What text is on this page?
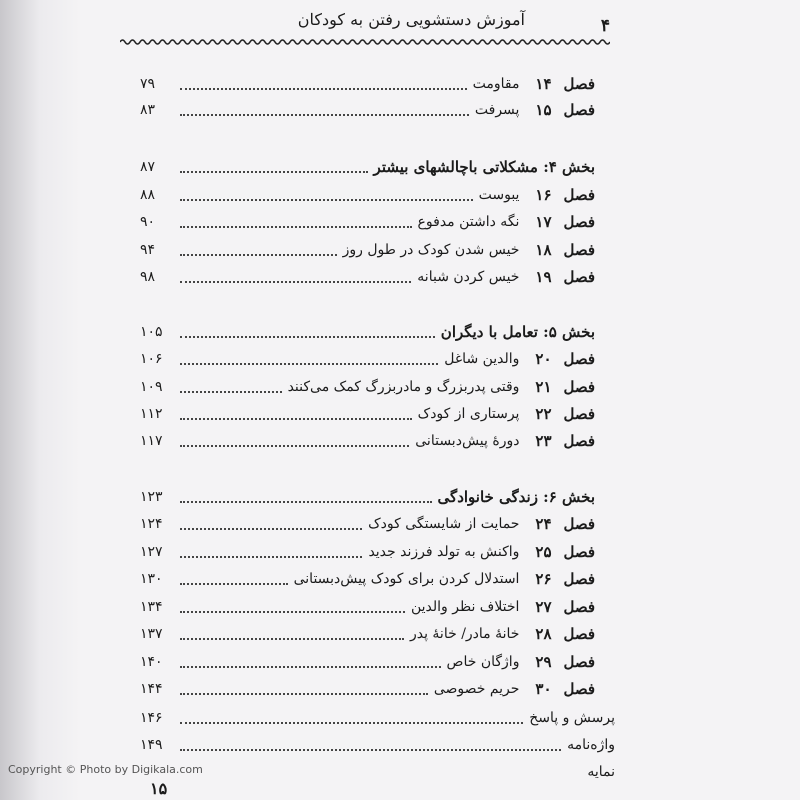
۴
آموزش دستشویی رفتن به کودکان
فصل
۱۴
مقاومت
۷۹
فصل
۱۵
پسرفت
۸۳
بخش ۴: مشکلاتی باچالشهای بیشتر
۸۷
فصل
۱۶
یبوست
۸۸
فصل
۱۷
نگه داشتن مدفوع
۹۰
فصل
۱۸
خیس شدن کودک در طول روز
۹۴
فصل
۱۹
خیس کردن شبانه
۹۸
بخش ۵: تعامل با دیگران
۱۰۵
فصل
۲۰
والدین شاغل
۱۰۶
فصل
۲۱
وقتی پدربزرگ و مادربزرگ کمک می‌کنند
۱۰۹
فصل
۲۲
پرستاری از کودک
۱۱۲
فصل
۲۳
دورهٔ پیش‌دبستانی
۱۱۷
بخش ۶: زندگی خانوادگی
۱۲۳
فصل
۲۴
حمایت از شایستگی کودک
۱۲۴
فصل
۲۵
واکنش به تولد فرزند جدید
۱۲۷
فصل
۲۶
استدلال کردن برای کودک پیش‌دبستانی
۱۳۰
فصل
۲۷
اختلاف نظر والدین
۱۳۴
فصل
۲۸
خانهٔ مادر/ خانهٔ پدر
۱۳۷
فصل
۲۹
واژگان خاص
۱۴۰
فصل
۳۰
حریم خصوصی
۱۴۴
پرسش و پاسخ
۱۴۶
واژه‌نامه
۱۴۹
نمایه
Copyright © Photo by Digikala.com
۱۵
